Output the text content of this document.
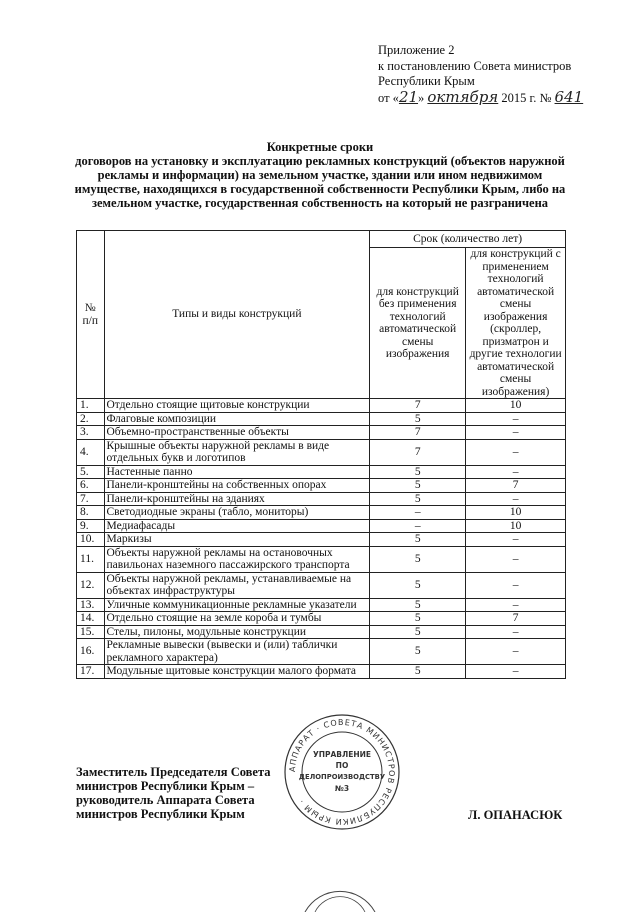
Приложение 2
к постановлению Совета министров
Республики Крым
от «21» октября 2015 г. № 641
Конкретные сроки
договоров на установку и эксплуатацию рекламных конструкций (объектов наружной рекламы и информации) на земельном участке, здании или ином недвижимом имуществе, находящихся в государственной собственности Республики Крым, либо на земельном участке, государственная собственность на который не разграничена
№ п/п	Типы и виды конструкций	Срок (количество лет)	
		для конструкций без применения технологий автоматической смены изображения	для конструкций с применением технологий автоматической смены изображения (скроллер, призматрон и другие технологии автоматической смены изображения)
1.	Отдельно стоящие щитовые конструкции	7	10
2.	Флаговые композиции	5	–
3.	Объемно-пространственные объекты	7	–
4.	Крышные объекты наружной рекламы в виде отдельных букв и логотипов	7	–
5.	Настенные панно	5	–
6.	Панели-кронштейны на собственных опорах	5	7
7.	Панели-кронштейны на зданиях	5	–
8.	Светодиодные экраны (табло, мониторы)	–	10
9.	Медиафасады	–	10
10.	Маркизы	5	–
11.	Объекты наружной рекламы на остановочных павильонах наземного пассажирского транспорта	5	–
12.	Объекты наружной рекламы, устанавливаемые на объектах инфраструктуры	5	–
13.	Уличные коммуникационные рекламные указатели	5	–
14.	Отдельно стоящие на земле короба и тумбы	5	7
15.	Стелы, пилоны, модульные конструкции	5	–
16.	Рекламные вывески (вывески и (или) таблички рекламного характера)	5	–
17.	Модульные щитовые конструкции малого формата	5	–
АППАРАТ · СОВЕТА МИНИСТРОВ РЕСПУБЛИКИ КРЫМ ·
УПРАВЛЕНИЕ
ПО
ДЕЛОПРОИЗВОДСТВУ
№3
Заместитель Председателя Совета
министров Республики Крым –
руководитель Аппарата Совета
министров Республики Крым	Л. ОПАНАСЮК
